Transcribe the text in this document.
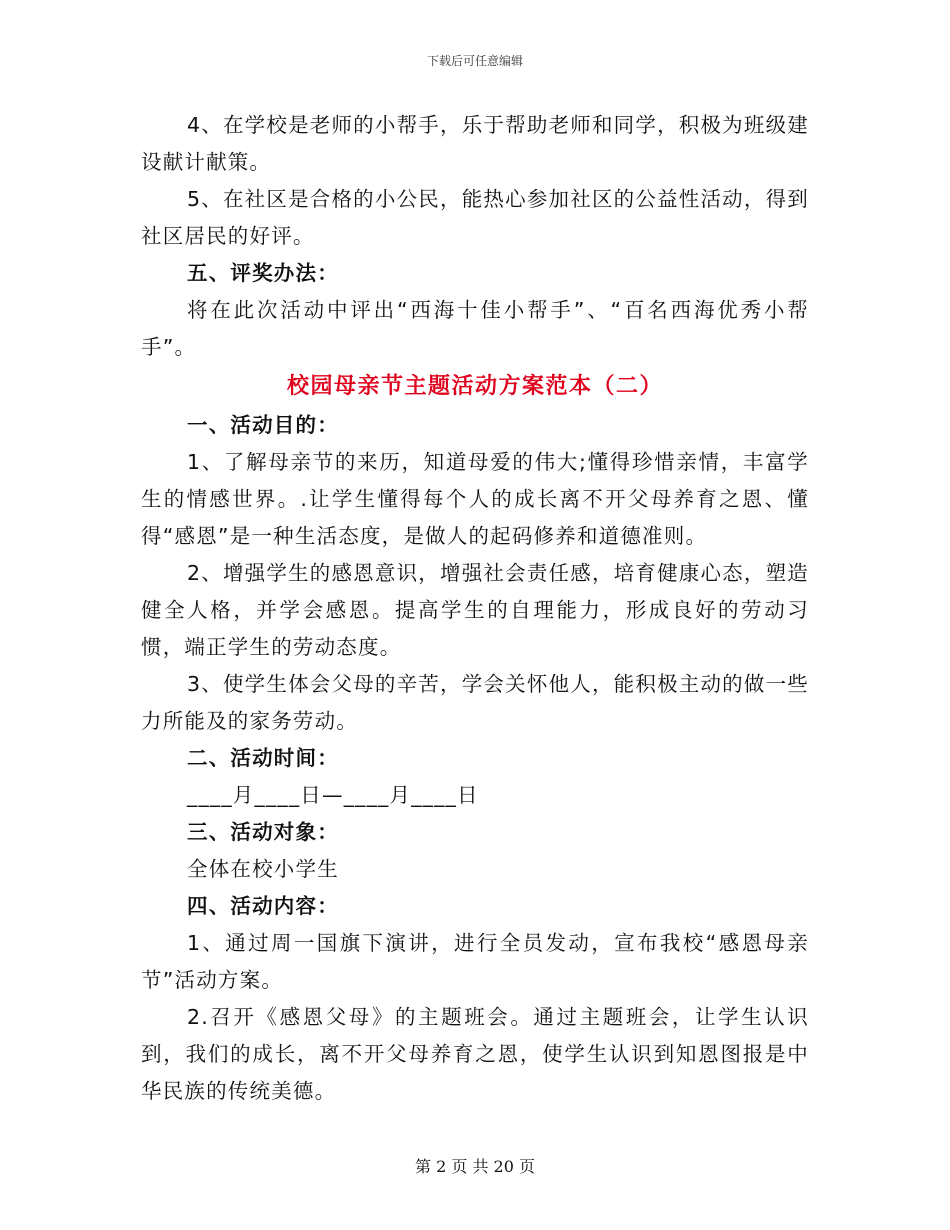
下载后可任意编辑

4、在学校是老师的小帮手，乐于帮助老师和同学，积极为班级建设献计献策。

5、在社区是合格的小公民，能热心参加社区的公益性活动，得到社区居民的好评。

五、评奖办法：

将在此次活动中评出“西海十佳小帮手”、“百名西海优秀小帮手”。

校园母亲节主题活动方案范本（二）

一、活动目的：

1、了解母亲节的来历，知道母爱的伟大;懂得珍惜亲情，丰富学生的情感世界。.让学生懂得每个人的成长离不开父母养育之恩、懂得“感恩”是一种生活态度，是做人的起码修养和道德准则。

2、增强学生的感恩意识，增强社会责任感，培育健康心态，塑造健全人格，并学会感恩。提高学生的自理能力，形成良好的劳动习惯，端正学生的劳动态度。

3、使学生体会父母的辛苦，学会关怀他人，能积极主动的做一些力所能及的家务劳动。

二、活动时间：

____月____日—____月____日

三、活动对象：

全体在校小学生

四、活动内容：

1、通过周一国旗下演讲，进行全员发动，宣布我校“感恩母亲节”活动方案。

2.召开《感恩父母》的主题班会。通过主题班会，让学生认识到，我们的成长，离不开父母养育之恩，使学生认识到知恩图报是中华民族的传统美德。

第 2 页 共 20 页
